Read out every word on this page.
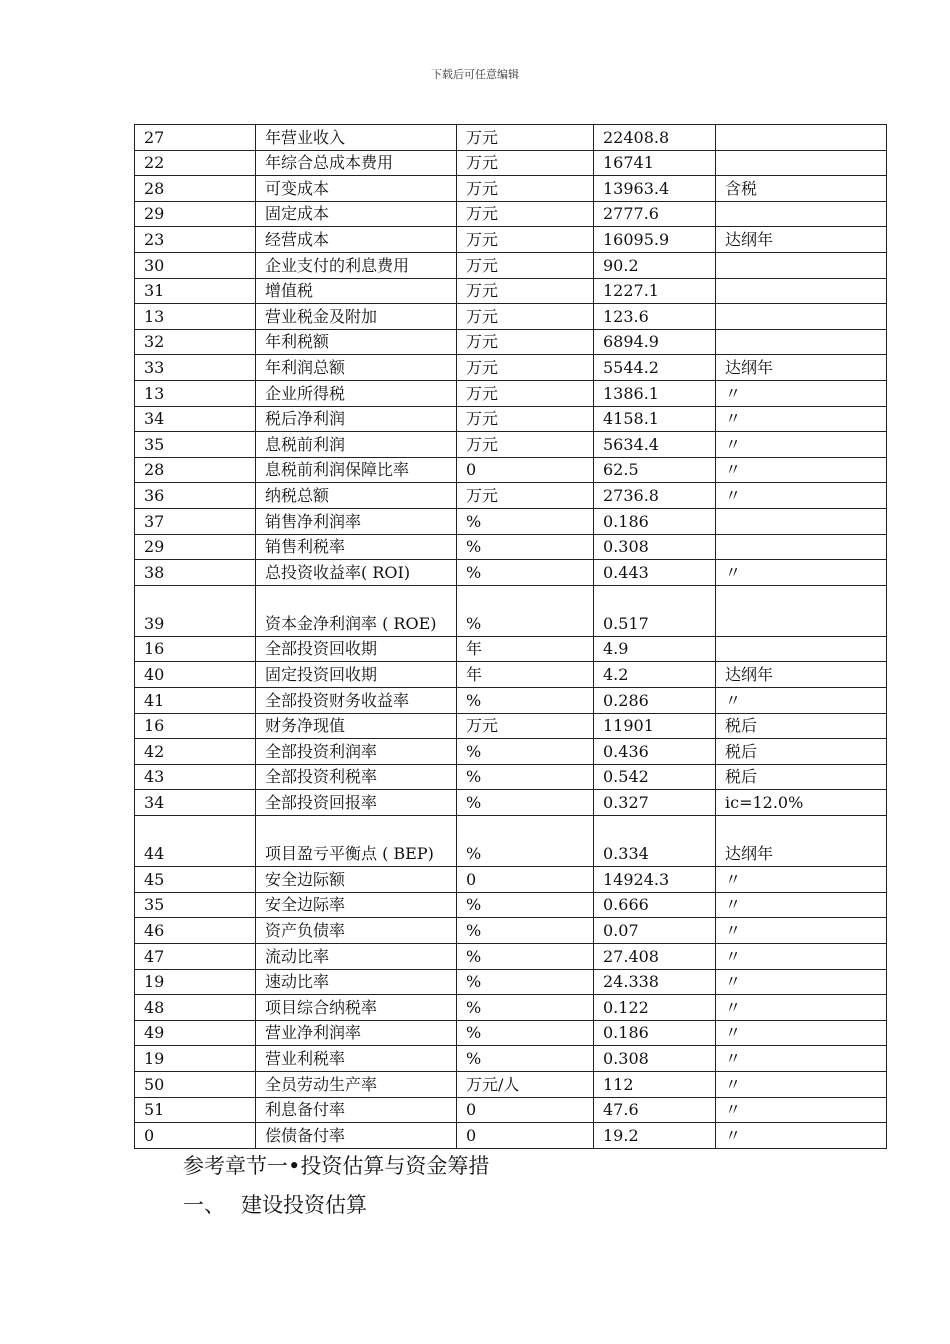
下载后可任意编辑
27	年营业收入	万元	22408.8	
22	年综合总成本费用	万元	16741	
28	可变成本	万元	13963.4	含税
29	固定成本	万元	2777.6	
23	经营成本	万元	16095.9	达纲年
30	企业支付的利息费用	万元	90.2	
31	增值税	万元	1227.1	
13	营业税金及附加	万元	123.6	
32	年利税额	万元	6894.9	
33	年利润总额	万元	5544.2	达纲年
13	企业所得税	万元	1386.1	〃
34	税后净利润	万元	4158.1	〃
35	息税前利润	万元	5634.4	〃
28	息税前利润保障比率	0	62.5	〃
36	纳税总额	万元	2736.8	〃
37	销售净利润率	%	0.186	
29	销售利税率	%	0.308	
38	总投资收益率( ROI)	%	0.443	〃
39	资本金净利润率 ( ROE)	%	0.517	
16	全部投资回收期	年	4.9	
40	固定投资回收期	年	4.2	达纲年
41	全部投资财务收益率	%	0.286	〃
16	财务净现值	万元	11901	税后
42	全部投资利润率	%	0.436	税后
43	全部投资利税率	%	0.542	税后
34	全部投资回报率	%	0.327	ic=12.0%
44	项目盈亏平衡点 ( BEP)	%	0.334	达纲年
45	安全边际额	0	14924.3	〃
35	安全边际率	%	0.666	〃
46	资产负债率	%	0.07	〃
47	流动比率	%	27.408	〃
19	速动比率	%	24.338	〃
48	项目综合纳税率	%	0.122	〃
49	营业净利润率	%	0.186	〃
19	营业利税率	%	0.308	〃
50	全员劳动生产率	万元/人	112	〃
51	利息备付率	0	47.6	〃
0	偿债备付率	0	19.2	〃
参考章节一•投资估算与资金筹措
一、 建设投资估算
